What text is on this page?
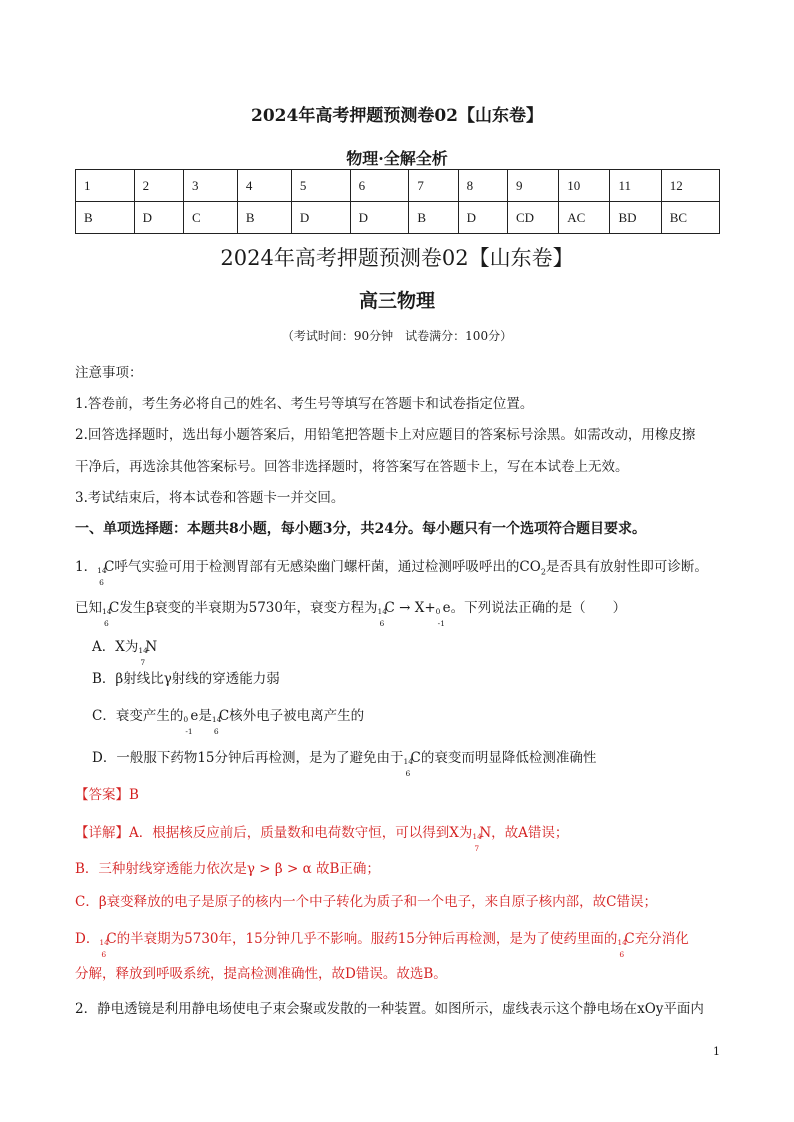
2024年高考押题预测卷02【山东卷】
物理·全解全析
1	2	3	4	5	6	7	8	9	10	11	12
B	D	C	B	D	D	B	D	CD	AC	BD	BC
2024年高考押题预测卷02【山东卷】
高三物理
（考试时间：90分钟　试卷满分：100分）
注意事项：
1.答卷前，考生务必将自己的姓名、考生号等填写在答题卡和试卷指定位置。
2.回答选择题时，选出每小题答案后，用铅笔把答题卡上对应题目的答案标号涂黑。如需改动，用橡皮擦
干净后，再选涂其他答案标号。回答非选择题时，将答案写在答题卡上，写在本试卷上无效。
3.考试结束后，将本试卷和答题卡一并交回。
一、单项选择题：本题共8小题，每小题3分，共24分。每小题只有一个选项符合题目要求。
1． 14
6
C呼气实验可用于检测胃部有无感染幽门螺杆菌，通过检测呼吸呼出的$CO_2$是否具有放射性即可诊断。
已知 14
6
C发生β衰变的半衰期为5730年，衰变方程为 14
6
C → X+ 0
-1
e。下列说法正确的是（　　）
A．X为 14
7
N
B．β射线比γ射线的穿透能力弱
C．衰变产生的 0
-1
e是 14
6
C核外电子被电离产生的
D．一般服下药物15分钟后再检测，是为了避免由于 14
6
C的衰变而明显降低检测准确性
【答案】B
【详解】A．根据核反应前后，质量数和电荷数守恒，可以得到X为 14
7
N，故A错误；
B．三种射线穿透能力依次是γ > β > α 故B正确；
C．β衰变释放的电子是原子的核内一个中子转化为质子和一个电子，来自原子核内部，故C错误；
D． 14
6
C的半衰期为5730年，15分钟几乎不影响。服药15分钟后再检测，是为了使药里面的 14
6
C充分消化
分解，释放到呼吸系统，提高检测准确性，故D错误。故选B。
2．静电透镜是利用静电场使电子束会聚或发散的一种装置。如图所示，虚线表示这个静电场在xOy平面内
1
